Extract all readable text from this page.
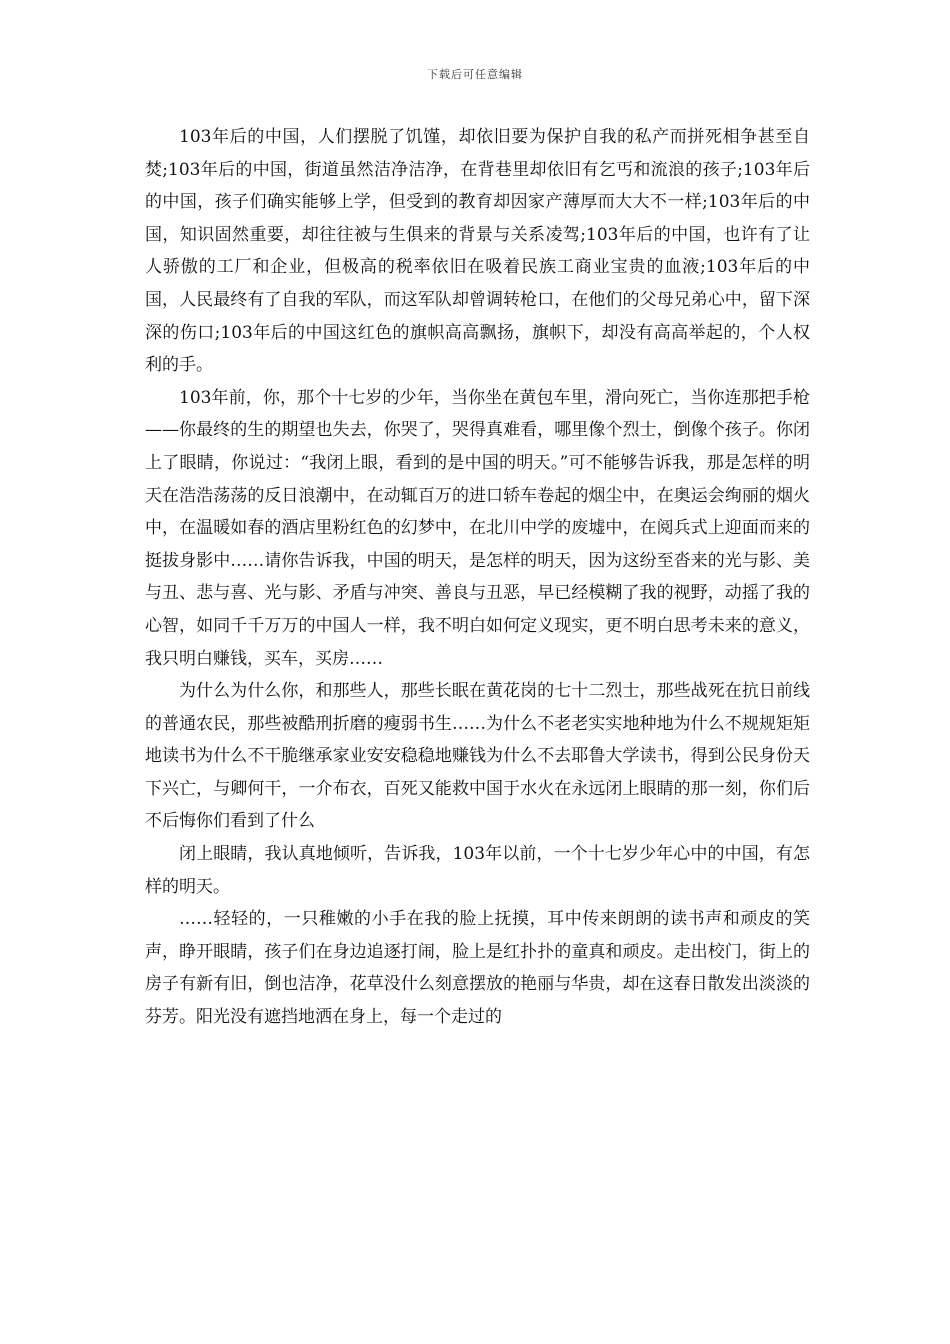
下载后可任意编辑

103年后的中国，人们摆脱了饥馑，却依旧要为保护自我的私产而拼死相争甚至自焚;103年后的中国，街道虽然洁净洁净，在背巷里却依旧有乞丐和流浪的孩子;103年后的中国，孩子们确实能够上学，但受到的教育却因家产薄厚而大大不一样;103年后的中国，知识固然重要，却往往被与生俱来的背景与关系凌驾;103年后的中国，也许有了让人骄傲的工厂和企业，但极高的税率依旧在吸着民族工商业宝贵的血液;103年后的中国，人民最终有了自我的军队，而这军队却曾调转枪口，在他们的父母兄弟心中，留下深深的伤口;103年后的中国这红色的旗帜高高飘扬，旗帜下，却没有高高举起的，个人权利的手。

103年前，你，那个十七岁的少年，当你坐在黄包车里，滑向死亡，当你连那把手枪——你最终的生的期望也失去，你哭了，哭得真难看，哪里像个烈士，倒像个孩子。你闭上了眼睛，你说过：“我闭上眼，看到的是中国的明天。”可不能够告诉我，那是怎样的明天在浩浩荡荡的反日浪潮中，在动辄百万的进口轿车卷起的烟尘中，在奥运会绚丽的烟火中，在温暖如春的酒店里粉红色的幻梦中，在北川中学的废墟中，在阅兵式上迎面而来的挺拔身影中……请你告诉我，中国的明天，是怎样的明天，因为这纷至沓来的光与影、美与丑、悲与喜、光与影、矛盾与冲突、善良与丑恶，早已经模糊了我的视野，动摇了我的心智，如同千千万万的中国人一样，我不明白如何定义现实，更不明白思考未来的意义，我只明白赚钱，买车，买房……

为什么为什么你，和那些人，那些长眠在黄花岗的七十二烈士，那些战死在抗日前线的普通农民，那些被酷刑折磨的瘦弱书生……为什么不老老实实地种地为什么不规规矩矩地读书为什么不干脆继承家业安安稳稳地赚钱为什么不去耶鲁大学读书，得到公民身份天下兴亡，与卿何干，一介布衣，百死又能救中国于水火在永远闭上眼睛的那一刻，你们后不后悔你们看到了什么

闭上眼睛，我认真地倾听，告诉我，103年以前，一个十七岁少年心中的中国，有怎样的明天。

……轻轻的，一只稚嫩的小手在我的脸上抚摸，耳中传来朗朗的读书声和顽皮的笑声，睁开眼睛，孩子们在身边追逐打闹，脸上是红扑扑的童真和顽皮。走出校门，街上的房子有新有旧，倒也洁净，花草没什么刻意摆放的艳丽与华贵，却在这春日散发出淡淡的芬芳。阳光没有遮挡地洒在身上，每一个走过的
